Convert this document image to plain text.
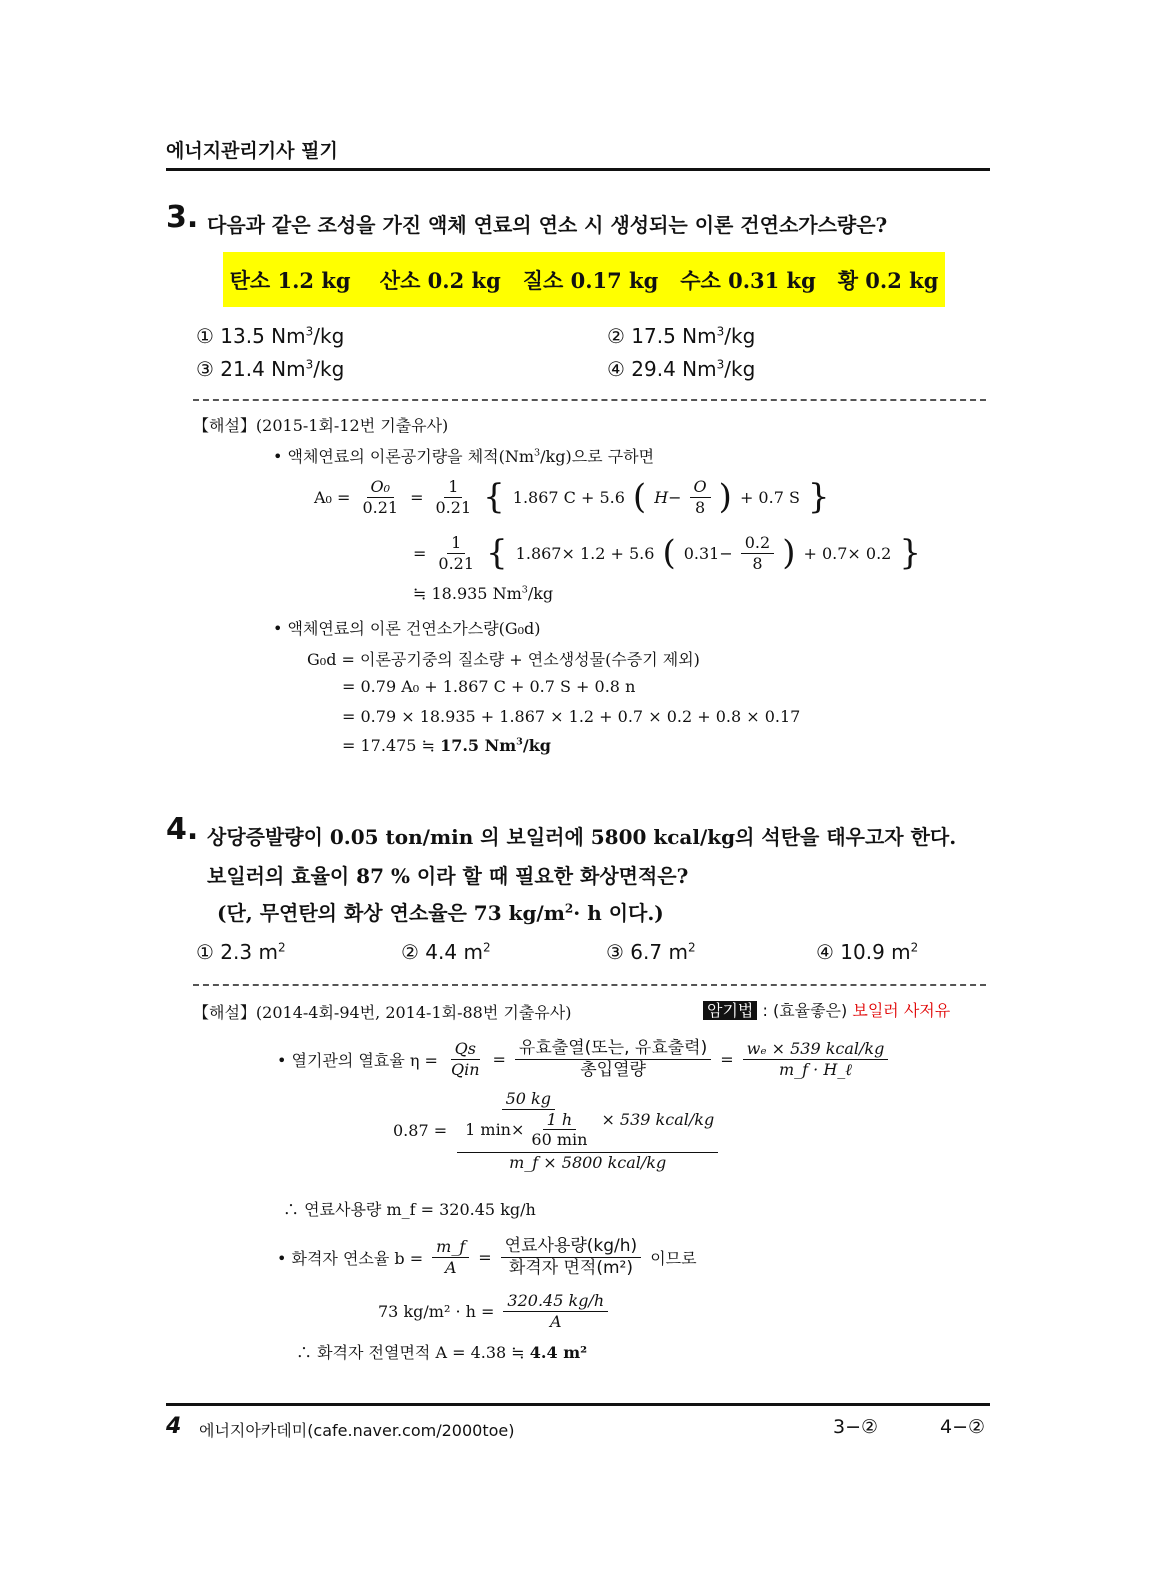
에너지관리기사 필기
3. 다음과 같은 조성을 가진 액체 연료의 연소 시 생성되는 이론 건연소가스량은?
탄소 1.2 kg    산소 0.2 kg   질소 0.17 kg   수소 0.31 kg   황 0.2 kg
① 13.5 Nm$^3$/kg	② 17.5 Nm$^3$/kg
③ 21.4 Nm$^3$/kg	④ 29.4 Nm$^3$/kg
【해설】(2015-1회-12번 기출유사)
• 액체연료의 이론공기량을 체적(Nm$^3$/kg)으로 구하면
$A_0 = \frac{\text{O₀}}{0.21} = \frac{1}{0.21}$ { 1.867 C + 5.6 ( $H- \frac{O}{8}$ ) + 0.7 S }
= $\frac{1}{0.21}$ { 1.867× 1.2 + 5.6 ( $0.31- \frac{0.2}{8}$ ) + 0.7× 0.2 }
≒ 18.935 Nm$^3$/kg
• 액체연료의 이론 건연소가스량(G₀d)
G₀d = 이론공기중의 질소량 + 연소생성물(수증기 제외)
= 0.79 A₀ + 1.867 C + 0.7 S + 0.8 n
= 0.79 × 18.935 + 1.867 × 1.2 + 0.7 × 0.2 + 0.8 × 0.17
= 17.475 ≒ 17.5 Nm$^3$/kg
4. 상당증발량이 0.05 ton/min 의 보일러에 5800 kcal/kg의 석탄을 태우고자 한다.
보일러의 효율이 87 % 이라 할 때 필요한 화상면적은?
(단, 무연탄의 화상 연소율은 73 $kg/m^2\cdot h$ 이다.)
① 2.3 $m^2$	② 4.4 $m^2$	③ 6.7 $m^2$	④ 10.9 $m^2$
【해설】(2014-4회-94번, 2014-1회-88번 기출유사)	암기법 : (효율좋은) 보일러 사저유
• 열기관의 열효율 $\eta = \frac{Qs}{\text{Qin}} = \frac{\text{유효출열(또는, 유효출력)}}{\text{총입열량}} = \frac{\text{wₑ × 539 kcal/kg}}{\text{m\_f · H\_ℓ}}$
$0.87 = \frac{50 kg}{1 \min\times \frac{1 h}{60 \min}} \times 539$ kcal/kg
m_f × 5800 kcal/kg
∴ 연료사용량 m_f = 320.45 kg/h
• 화격자 연소율 $b = \frac{m\_f}{A} = \frac{\text{연료사용량(kg/h)}}{\text{화격자 면적(m²)}}$ 이므로
73 $kg/m^2 \cdot h = \frac{320.45 kg/h}{A}$
∴ 화격자 전열면적 A = 4.38 ≒ 4.4 m²
4 에너지아카데미(cafe.naver.com/2000toe)	3−②	4−②
